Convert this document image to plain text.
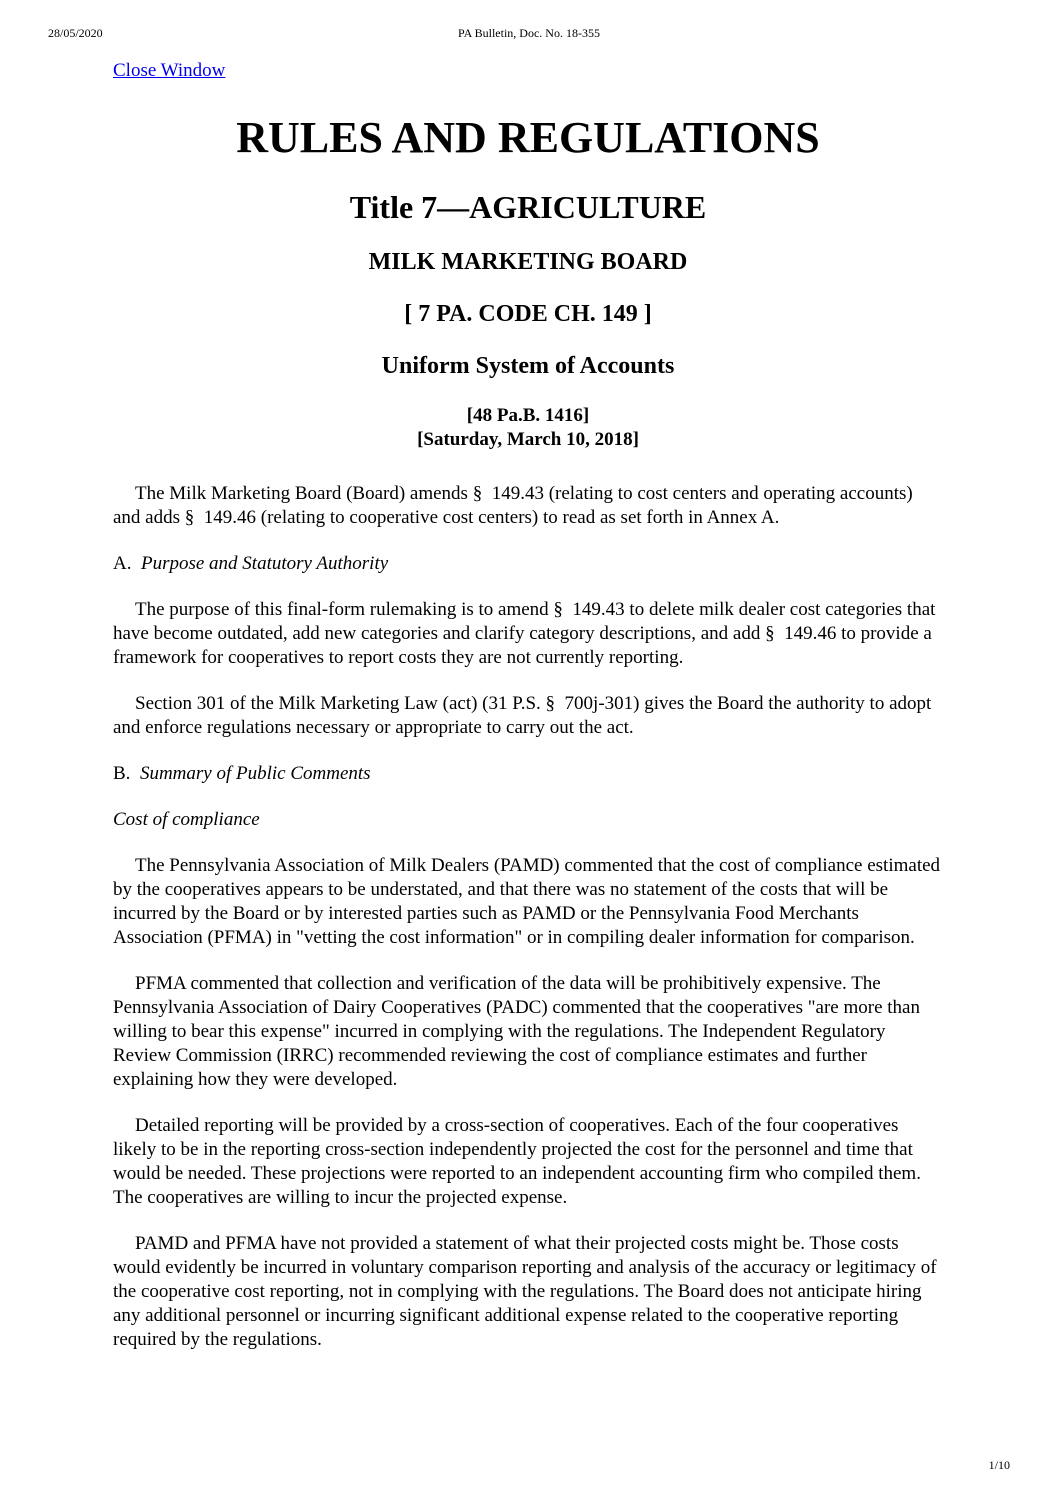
28/05/2020	PA Bulletin, Doc. No. 18-355
Close Window
RULES AND REGULATIONS
Title 7—AGRICULTURE
MILK MARKETING BOARD
[ 7 PA. CODE CH. 149 ]
Uniform System of Accounts
[48 Pa.B. 1416]
[Saturday, March 10, 2018]

The Milk Marketing Board (Board) amends §  149.43 (relating to cost centers and operating accounts) and adds §  149.46 (relating to cooperative cost centers) to read as set forth in Annex A.

A. Purpose and Statutory Authority

The purpose of this final-form rulemaking is to amend §  149.43 to delete milk dealer cost categories that have become outdated, add new categories and clarify category descriptions, and add §  149.46 to provide a framework for cooperatives to report costs they are not currently reporting.

Section 301 of the Milk Marketing Law (act) (31 P.S. §  700j-301) gives the Board the authority to adopt and enforce regulations necessary or appropriate to carry out the act.

B. Summary of Public Comments

Cost of compliance

The Pennsylvania Association of Milk Dealers (PAMD) commented that the cost of compliance estimated by the cooperatives appears to be understated, and that there was no statement of the costs that will be incurred by the Board or by interested parties such as PAMD or the Pennsylvania Food Merchants Association (PFMA) in "vetting the cost information" or in compiling dealer information for comparison.

PFMA commented that collection and verification of the data will be prohibitively expensive. The Pennsylvania Association of Dairy Cooperatives (PADC) commented that the cooperatives "are more than willing to bear this expense" incurred in complying with the regulations. The Independent Regulatory Review Commission (IRRC) recommended reviewing the cost of compliance estimates and further explaining how they were developed.

Detailed reporting will be provided by a cross-section of cooperatives. Each of the four cooperatives likely to be in the reporting cross-section independently projected the cost for the personnel and time that would be needed. These projections were reported to an independent accounting firm who compiled them. The cooperatives are willing to incur the projected expense.

PAMD and PFMA have not provided a statement of what their projected costs might be. Those costs would evidently be incurred in voluntary comparison reporting and analysis of the accuracy or legitimacy of the cooperative cost reporting, not in complying with the regulations. The Board does not anticipate hiring any additional personnel or incurring significant additional expense related to the cooperative reporting required by the regulations.

1/10
